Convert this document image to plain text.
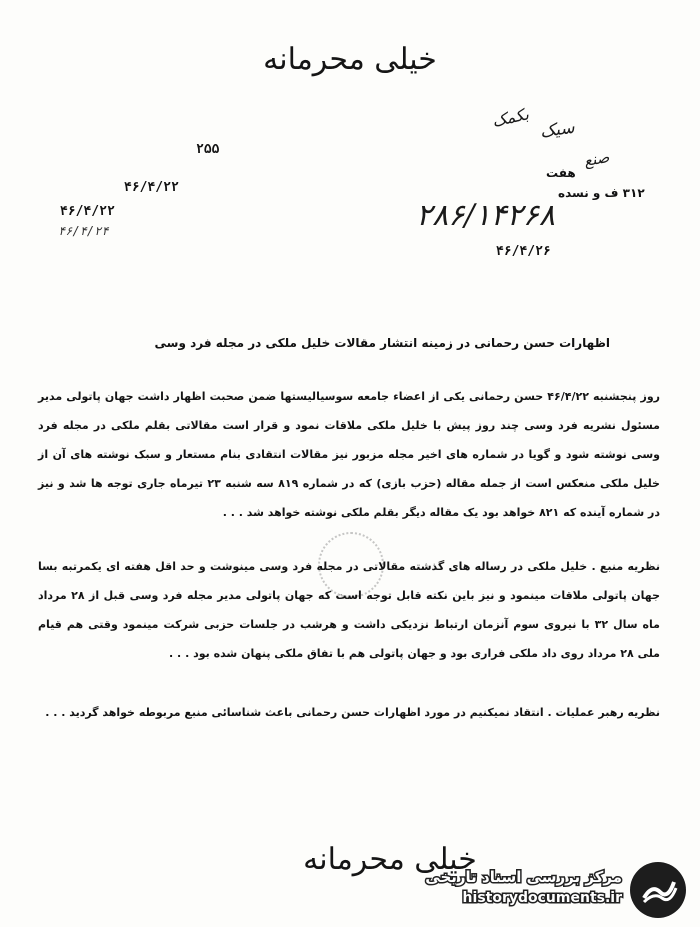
خیلی محرمانه
بکمک سیک
صنع
۲۵۵
۴۶/۴/۲۲
۴۶/۴/۲۲
۴۶/۴/۲۴
هفت
۳۱۲ ف و نسده
۲۸۶/۱۴۲۶۸
۴۶/۴/۲۶
اظهارات حسن رحمانی در زمینه انتشار مقالات خلیل ملکی در مجله فرد وسی
روز پنجشنبه ۴۶/۴/۲۲ حسن رحمانی یکی از اعضاء جامعه سوسیالیستها ضمن صحبت اظهار داشت جهان پاتولی مدیر مسئول نشریه فرد وسی چند روز پیش با خلیل ملکی ملاقات نمود و قرار است مقالاتی بقلم ملکی در مجله فرد وسی نوشته شود و گویا در شماره های اخیر مجله مزبور نیز مقالات انتقادی بنام مستعار و سبک نوشته های آن از خلیل ملکی منعکس است از جمله مقاله (حزب بازی) که در شماره ۸۱۹ سه شنبه ۲۳ تیرماه جاری توجه ها شد و نیز در شماره آینده که ۸۲۱ خواهد بود یک مقاله دیگر بقلم ملکی نوشته خواهد شد . . .
نظریه منبع . خلیل ملکی در رساله های گذشته مقالاتی در مجله فرد وسی مینوشت و حد اقل هفته ای یکمرتبه بسا جهان پاتولی ملاقات مینمود و نیز باین نکته قابل توجه است که جهان پاتولی مدیر مجله فرد وسی قبل از ۲۸ مرداد ماه سال ۳۲ با نیروی سوم آنزمان ارتباط نزدیکی داشت و هرشب در جلسات حزبی شرکت مینمود وقتی هم قیام ملی ۲۸ مرداد روی داد ملکی فراری بود و جهان پاتولی هم با تفاق ملکی پنهان شده بود . . .
نظریه رهبر عملیات . انتقاد نمیکنیم در مورد اظهارات حسن رحمانی باعث شناسائی منبع مربوطه خواهد گردید . . .
خیلی محرمانه
مرکز بررسی اسناد تاریخی
historydocuments.ir
